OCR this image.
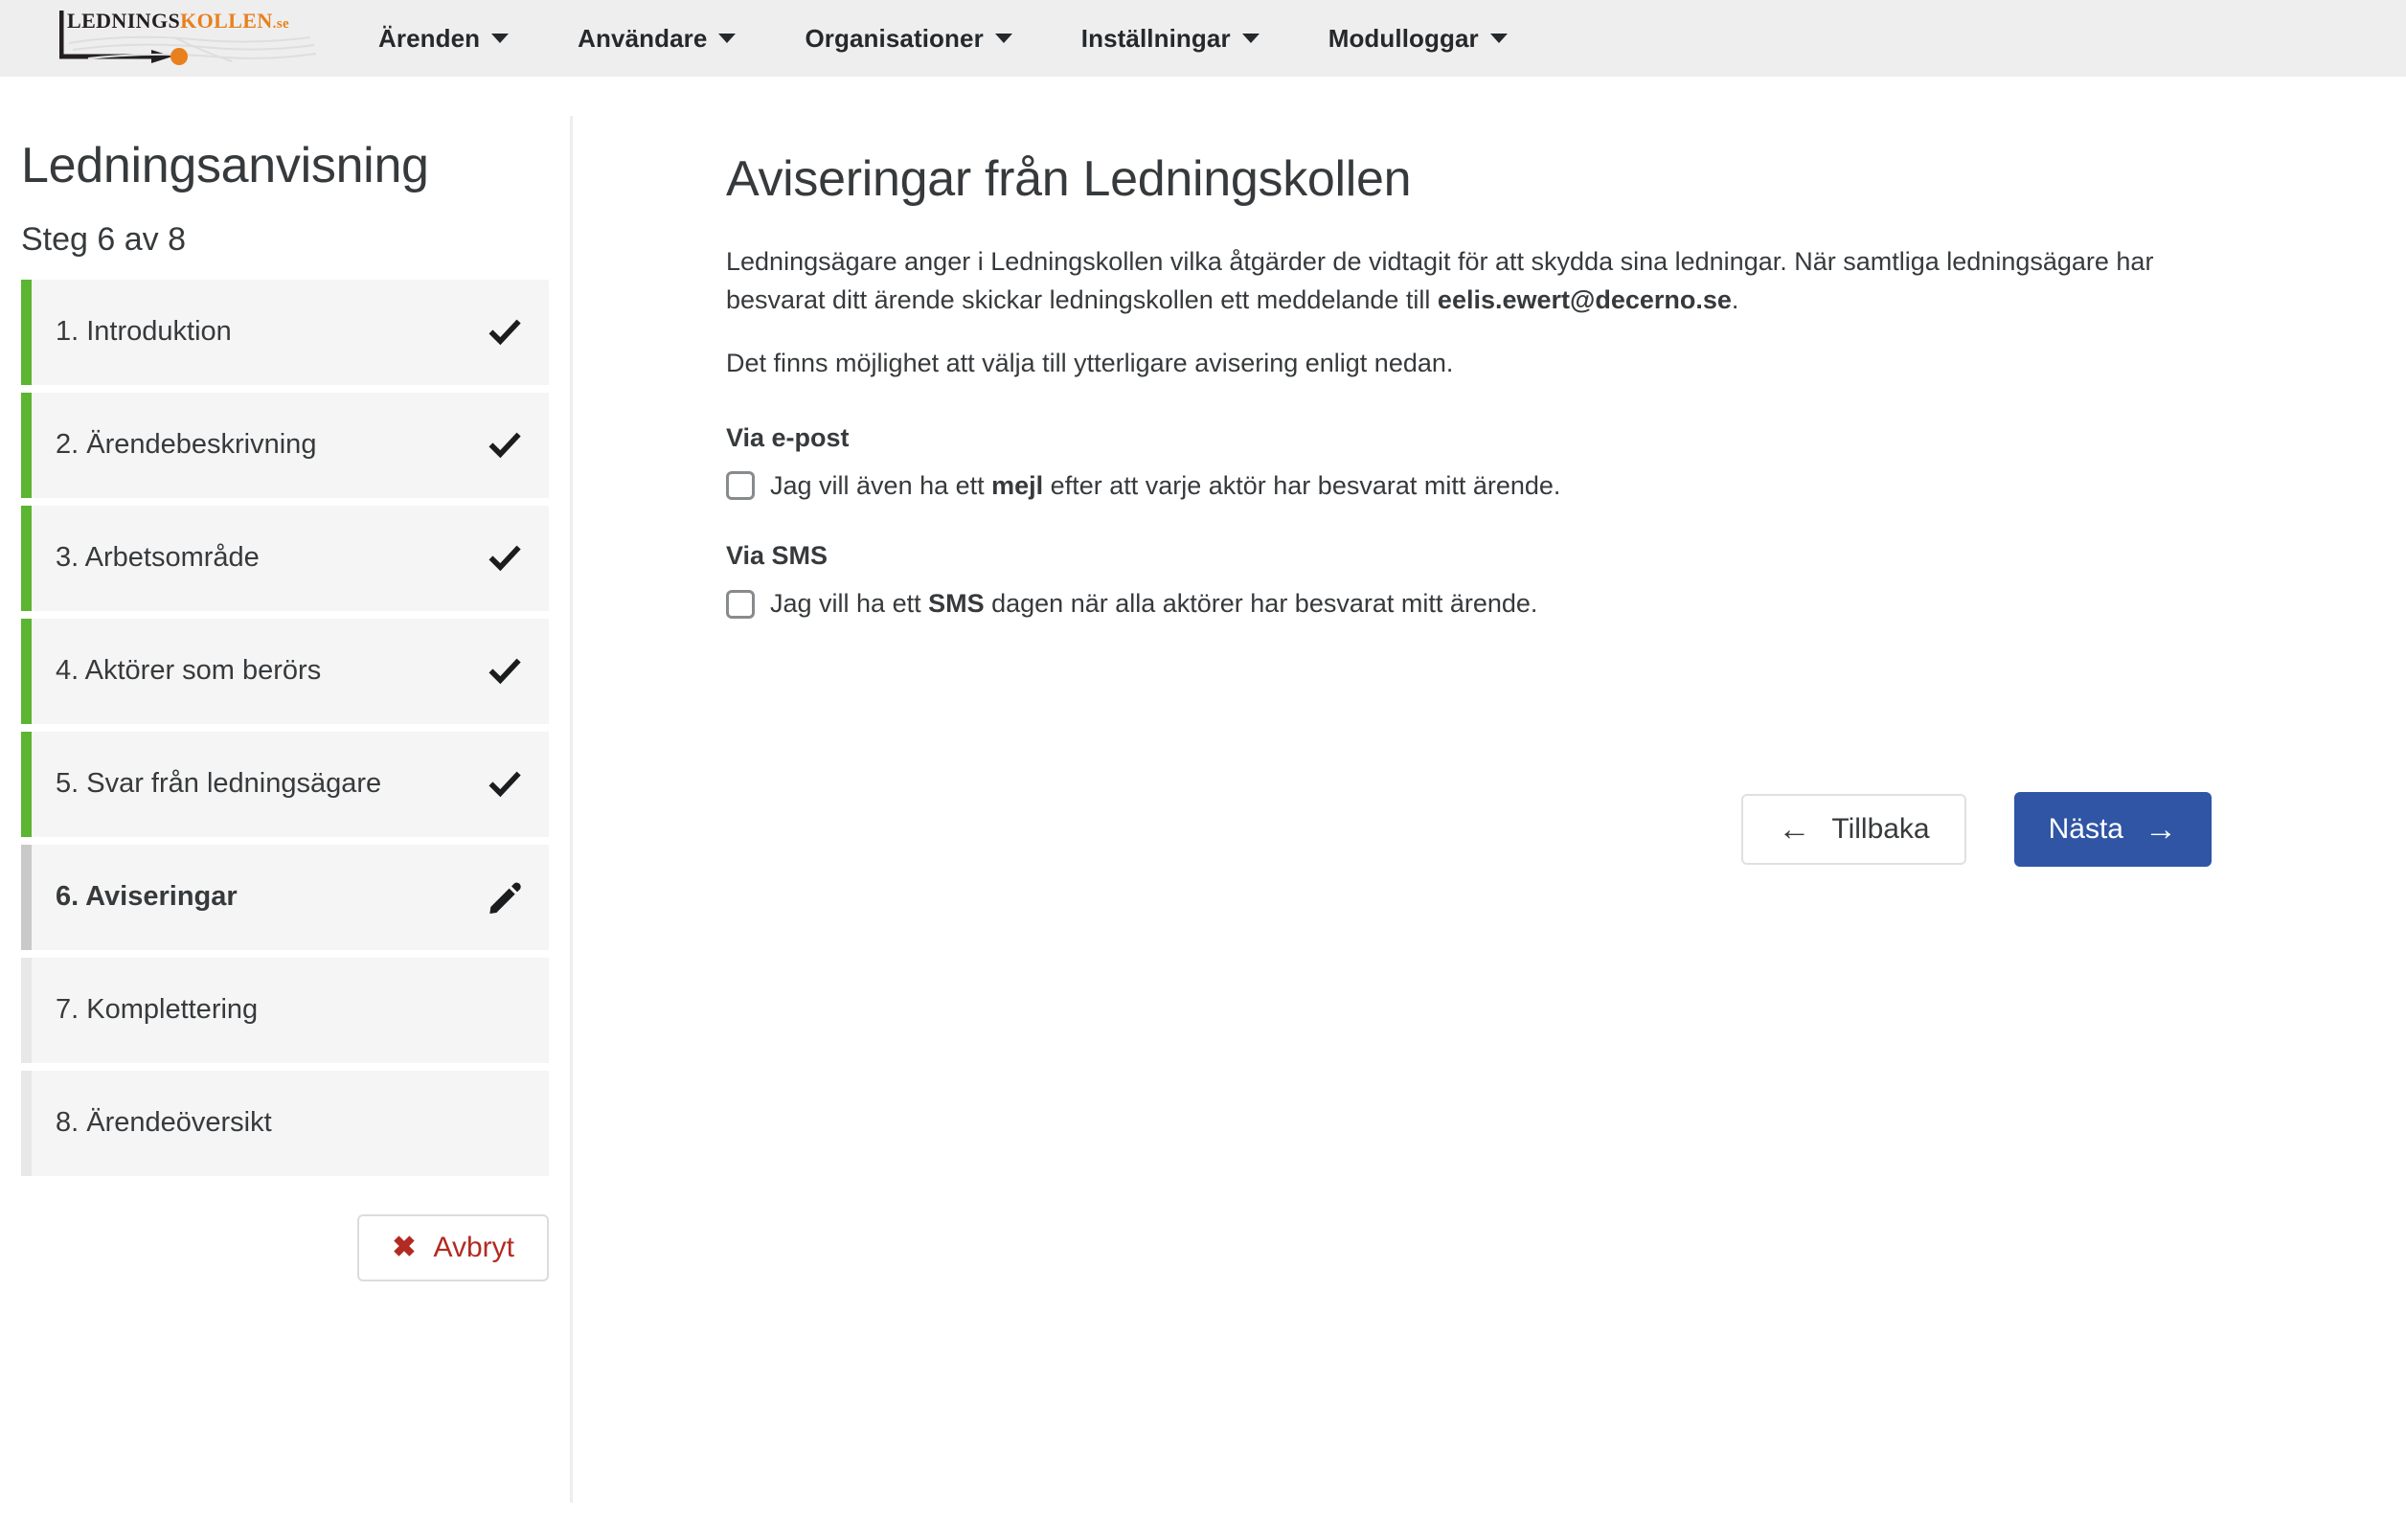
LEDNINGSKOLLEN.se	Ärenden	Användare	Organisationer	Inställningar	Modulloggar
Ledningsanvisning
Steg 6 av 8
1. Introduktion
2. Ärendebeskrivning
3. Arbetsområde
4. Aktörer som berörs
5. Svar från ledningsägare
6. Aviseringar
7. Komplettering
8. Ärendeöversikt
✖ Avbryt
Aviseringar från Ledningskollen

Ledningsägare anger i Ledningskollen vilka åtgärder de vidtagit för att skydda sina ledningar. När samtliga ledningsägare har besvarat ditt ärende skickar ledningskollen ett meddelande till eelis.ewert@decerno.se.

Det finns möjlighet att välja till ytterligare avisering enligt nedan.

Via e-post
Jag vill även ha ett mejl efter att varje aktör har besvarat mitt ärende.
Via SMS
Jag vill ha ett SMS dagen när alla aktörer har besvarat mitt ärende.
← Tillbaka	Nästa →
